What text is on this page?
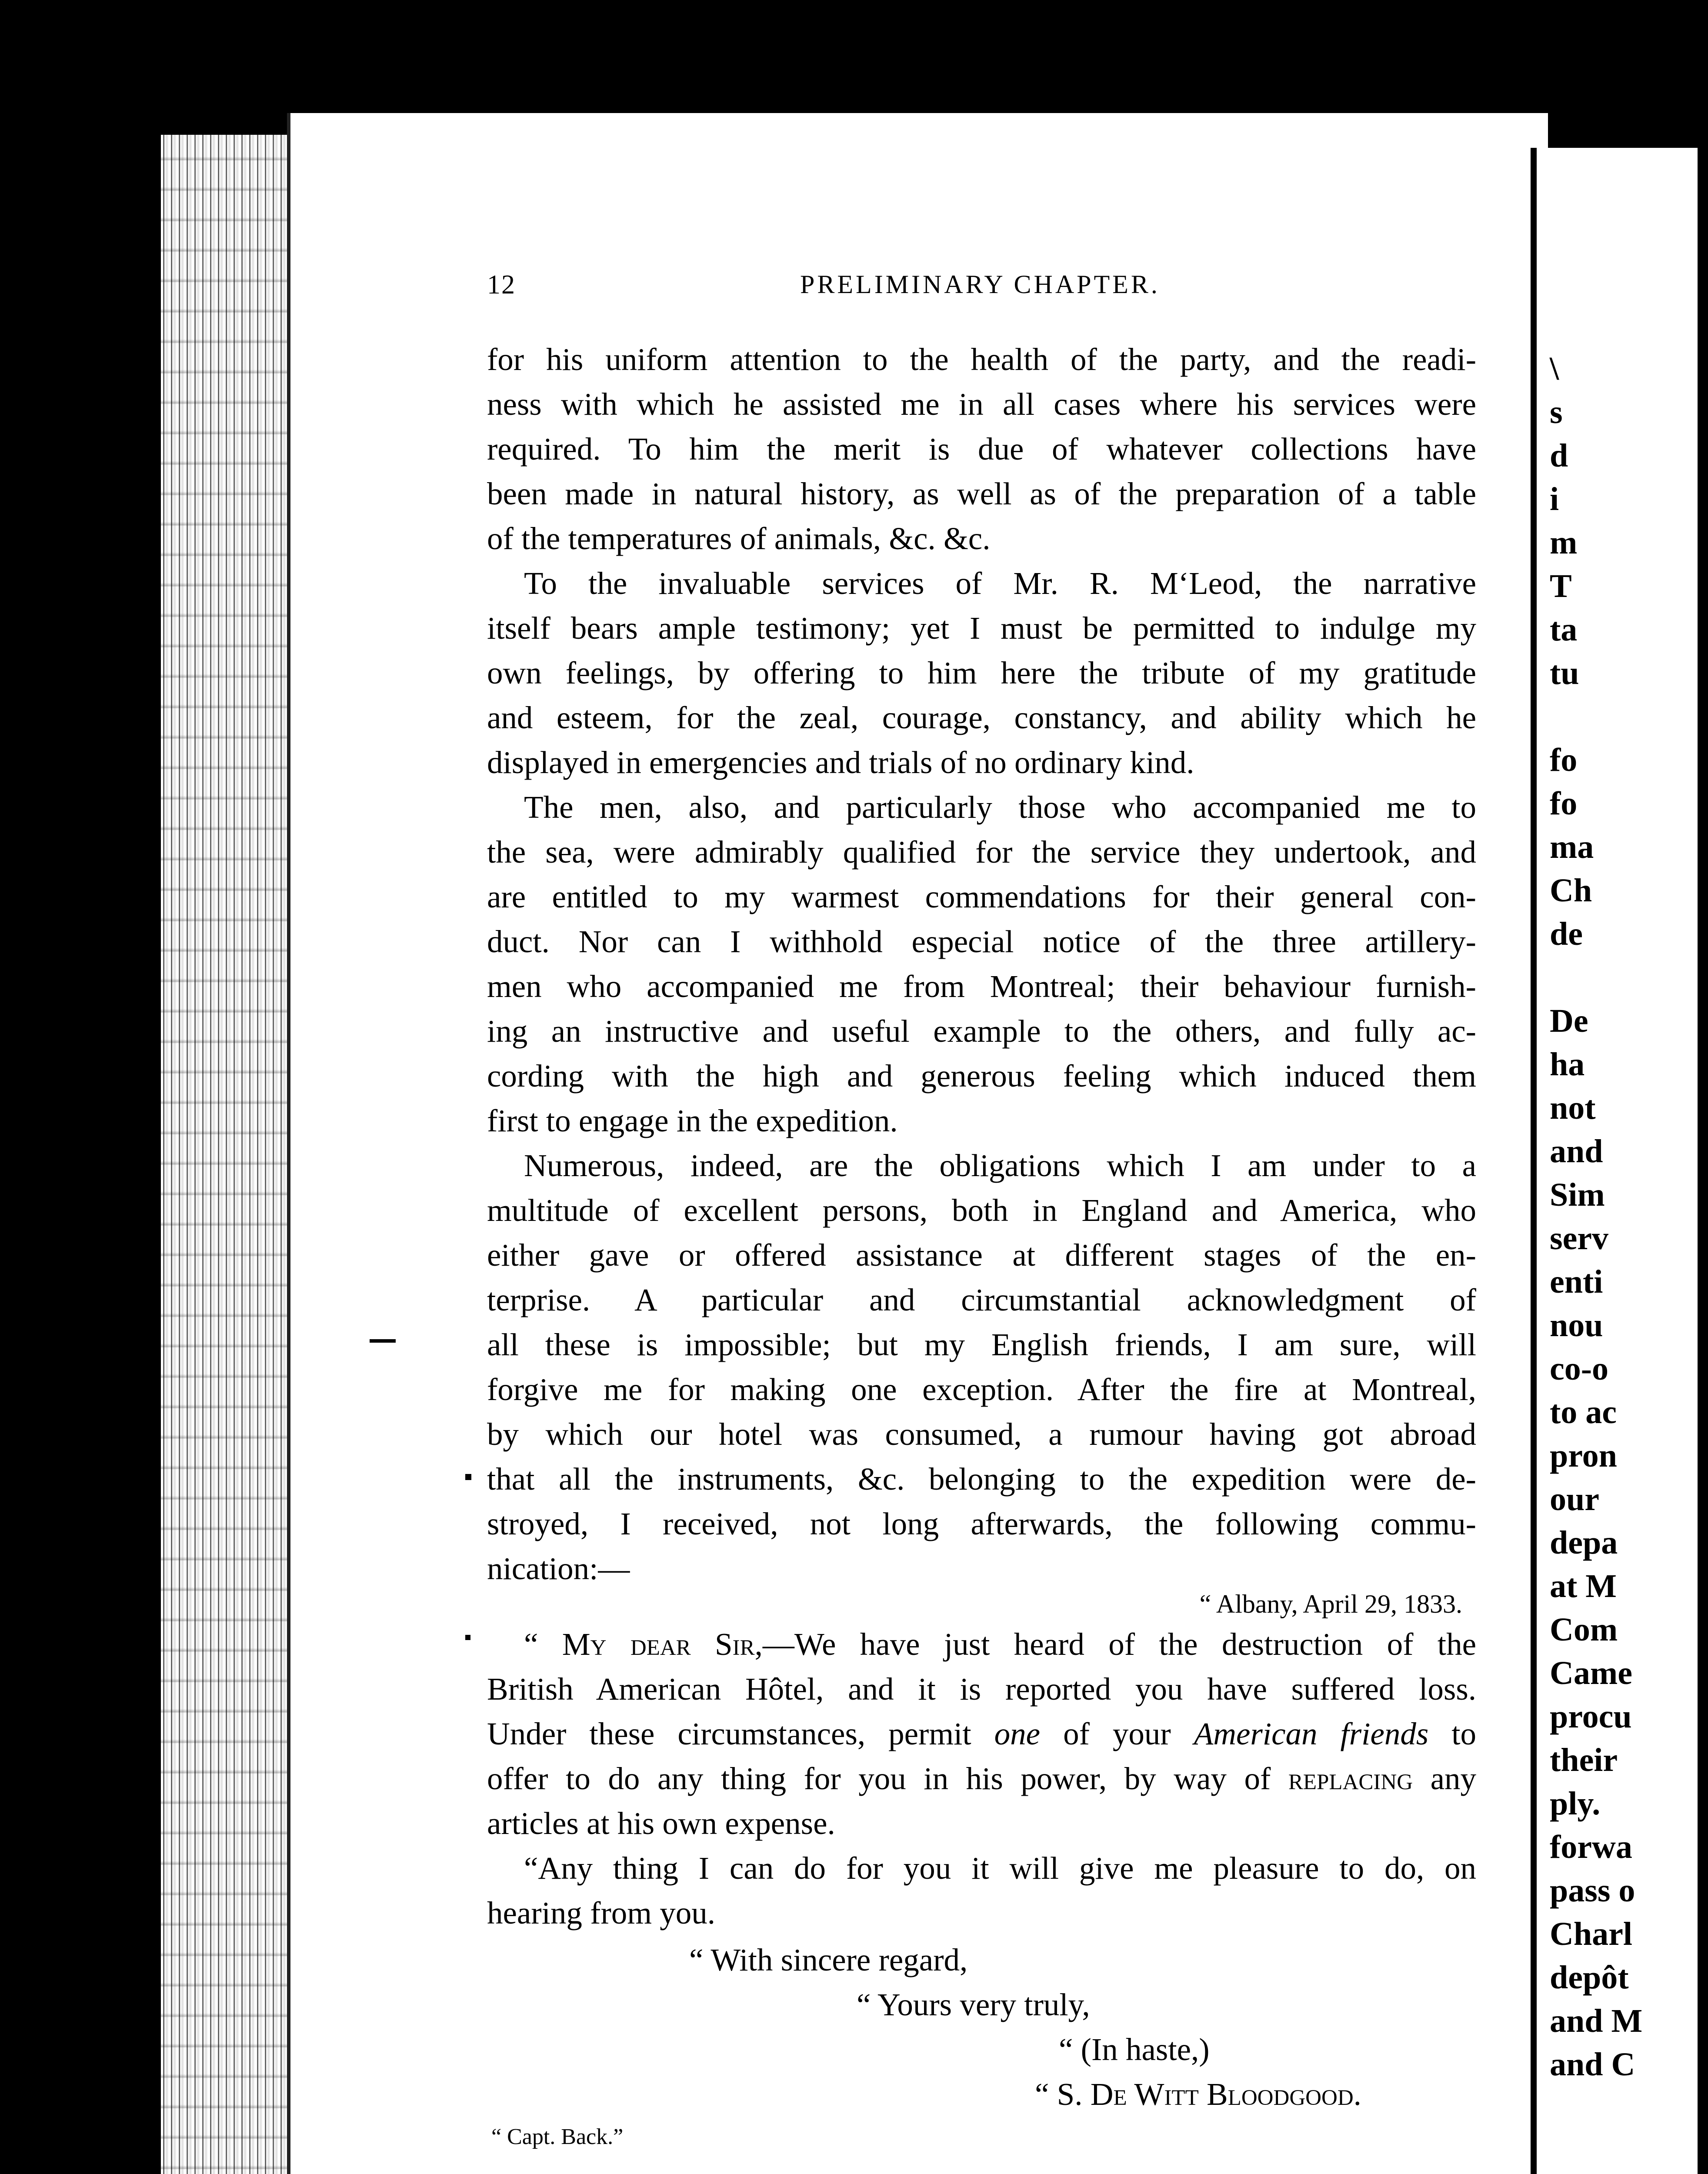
12	PRELIMINARY CHAPTER.
for his uniform attention to the health of the party, and the readi-
ness with which he assisted me in all cases where his services were
required. To him the merit is due of whatever collections have
been made in natural history, as well as of the preparation of a table
of the temperatures of animals, &c. &c.
To the invaluable services of Mr. R. M‘Leod, the narrative
itself bears ample testimony; yet I must be permitted to indulge my
own feelings, by offering to him here the tribute of my gratitude
and esteem, for the zeal, courage, constancy, and ability which he
displayed in emergencies and trials of no ordinary kind.
The men, also, and particularly those who accompanied me to
the sea, were admirably qualified for the service they undertook, and
are entitled to my warmest commendations for their general con-
duct. Nor can I withhold especial notice of the three artillery-
men who accompanied me from Montreal; their behaviour furnish-
ing an instructive and useful example to the others, and fully ac-
cording with the high and generous feeling which induced them
first to engage in the expedition.
Numerous, indeed, are the obligations which I am under to a
multitude of excellent persons, both in England and America, who
either gave or offered assistance at different stages of the en-
terprise. A particular and circumstantial acknowledgment of
all these is impossible; but my English friends, I am sure, will
forgive me for making one exception. After the fire at Montreal,
by which our hotel was consumed, a rumour having got abroad
that all the instruments, &c. belonging to the expedition were de-
stroyed, I received, not long afterwards, the following commu-
nication:—
“ Albany, April 29, 1833.
“ My dear Sir,—We have just heard of the destruction of the
British American Hôtel, and it is reported you have suffered loss.
Under these circumstances, permit one of your American friends to
offer to do any thing for you in his power, by way of replacing any
articles at his own expense.
“Any thing I can do for you it will give me pleasure to do, on
hearing from you.
“ With sincere regard,
“ Yours very truly,
“ (In haste,)
“ S. De Witt Bloodgood.
“ Capt. Back.”
\
s
d
i
m
T
ta
tu
fo
fo
ma
Ch
de
De
ha
not
and
Sim
serv
enti
nou
co-o
to ac
pron
our
depa
at M
Com
Came
procu
their
ply.
forwa
pass o
Charl
depôt
and M
and C
